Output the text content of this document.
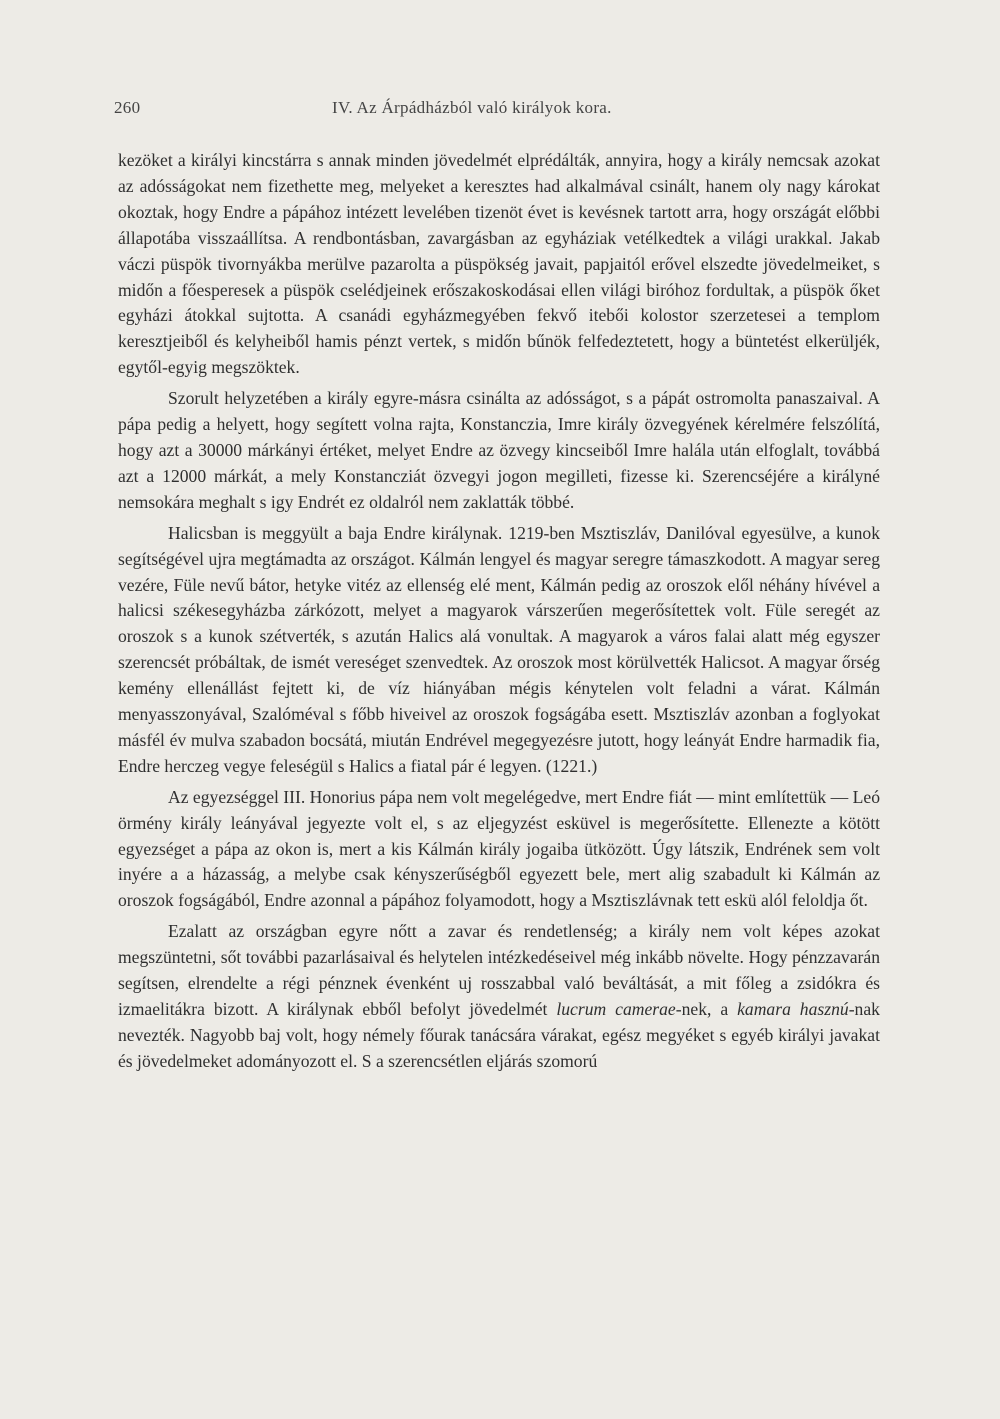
260	IV. Az Árpádházból való királyok kora.

kezöket a királyi kincstárra s annak minden jövedelmét elprédálták, annyira, hogy a király nemcsak azokat az adósságokat nem fizethette meg, melyeket a keresztes had alkalmával csinált, hanem oly nagy károkat okoztak, hogy Endre a pápához intézett levelében tizenöt évet is kevésnek tartott arra, hogy országát előbbi állapotába visszaállítsa. A rendbontásban, zavargásban az egyháziak vetélkedtek a világi urakkal. Jakab váczi püspök tivornyákba merülve pazarolta a püspökség javait, papjaitól erővel elszedte jövedelmeiket, s midőn a főesperesek a püspök cselédjeinek erőszakoskodásai ellen világi biróhoz fordultak, a püspök őket egyházi átokkal sujtotta. A csanádi egyházmegyében fekvő itebői kolostor szerzetesei a templom keresztjeiből és kelyheiből hamis pénzt vertek, s midőn bűnök felfedeztetett, hogy a büntetést elkerüljék, egytől-egyig megszöktek.

Szorult helyzetében a király egyre-másra csinálta az adósságot, s a pápát ostromolta panaszaival. A pápa pedig a helyett, hogy segített volna rajta, Konstanczia, Imre király özvegyének kérelmére felszólítá, hogy azt a 30000 márkányi értéket, melyet Endre az özvegy kincseiből Imre halála után elfoglalt, továbbá azt a 12000 márkát, a mely Konstancziát özvegyi jogon megilleti, fizesse ki. Szerencséjére a királyné nemsokára meghalt s igy Endrét ez oldalról nem zaklatták többé.

Halicsban is meggyült a baja Endre királynak. 1219-ben Msztiszláv, Danilóval egyesülve, a kunok segítségével ujra megtámadta az országot. Kálmán lengyel és magyar seregre támaszkodott. A magyar sereg vezére, Füle nevű bátor, hetyke vitéz az ellenség elé ment, Kálmán pedig az oroszok elől néhány hívével a halicsi székesegyházba zárkózott, melyet a magyarok várszerűen megerősítettek volt. Füle seregét az oroszok s a kunok szétverték, s azután Halics alá vonultak. A magyarok a város falai alatt még egyszer szerencsét próbáltak, de ismét vereséget szenvedtek. Az oroszok most körülvették Halicsot. A magyar őrség kemény ellenállást fejtett ki, de víz hiányában mégis kénytelen volt feladni a várat. Kálmán menyasszonyával, Szalóméval s főbb hiveivel az oroszok fogságába esett. Msztiszláv azonban a foglyokat másfél év mulva szabadon bocsátá, miután Endrével megegyezésre jutott, hogy leányát Endre harmadik fia, Endre herczeg vegye feleségül s Halics a fiatal pár é legyen. (1221.)

Az egyezséggel III. Honorius pápa nem volt megelégedve, mert Endre fiát — mint említettük — Leó örmény király leányával jegyezte volt el, s az eljegyzést esküvel is megerősítette. Ellenezte a kötött egyezséget a pápa az okon is, mert a kis Kálmán király jogaiba ütközött. Úgy látszik, Endrének sem volt inyére a a házasság, a melybe csak kényszerűségből egyezett bele, mert alig szabadult ki Kálmán az oroszok fogságából, Endre azonnal a pápához folyamodott, hogy a Msztiszlávnak tett eskü alól feloldja őt.

Ezalatt az országban egyre nőtt a zavar és rendetlenség; a király nem volt képes azokat megszüntetni, sőt további pazarlásaival és helytelen intézkedéseivel még inkább növelte. Hogy pénzzavarán segítsen, elrendelte a régi pénznek évenként uj rosszabbal való beváltását, a mit főleg a zsidókra és izmaelitákra bizott. A királynak ebből befolyt jövedelmét lucrum camerae-nek, a kamara hasznú-nak nevezték. Nagyobb baj volt, hogy némely főurak tanácsára várakat, egész megyéket s egyéb királyi javakat és jövedelmeket adományozott el. S a szerencsétlen eljárás szomorú
